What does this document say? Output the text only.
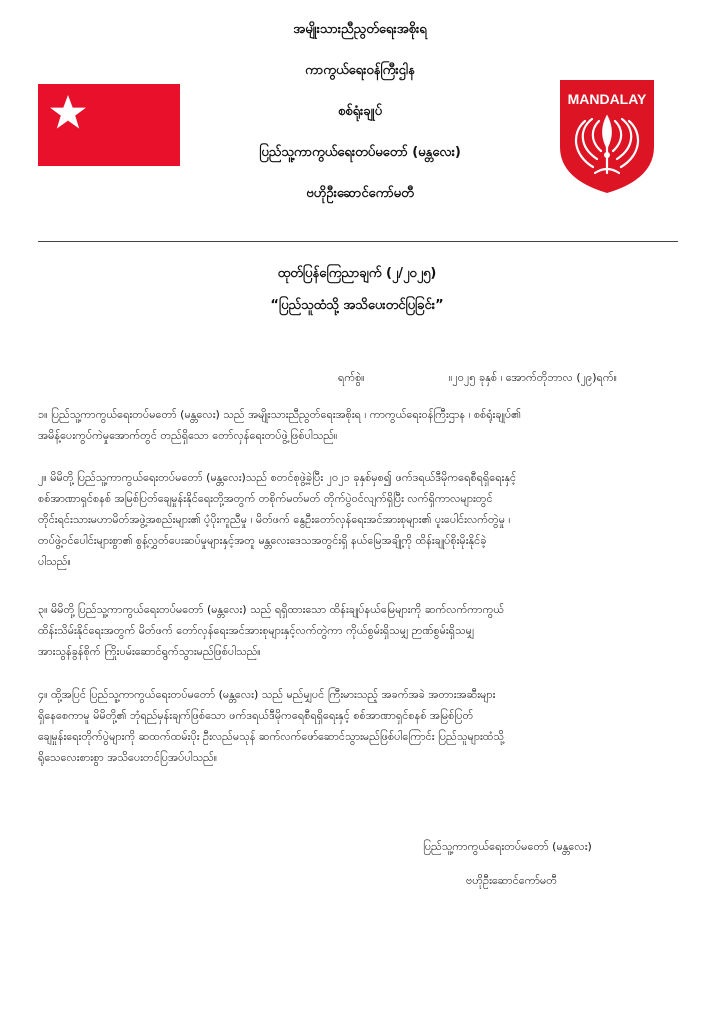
အမျိုးသားညီညွတ်ရေးအစိုးရ
ကာကွယ်ရေးဝန်ကြီးဌါန
စစ်ရုံးချုပ်
ပြည်သူ့ကာကွယ်ရေးတပ်မတော် (မန္တလေး)
ဗဟိုဦးဆောင်ကော်မတီ
MANDALAY
ထုတ်ပြန်ကြေညာချက် (၂/၂၀၂၅)
“ပြည်သူထံသို့ အသိပေးတင်ပြခြင်း”
ရက်စွဲ။	။၂၀၂၅ ခုနှစ် ၊ အောက်တိုဘာလ (၂၉)ရက်။
၁။ ပြည်သူ့ကာကွယ်ရေးတပ်မတော် (မန္တလေး) သည် အမျိုးသားညီညွတ်ရေးအစိုးရ ၊ ကာကွယ်ရေးဝန်ကြီးဌာန ၊ စစ်ရုံးချုပ်၏
အမိန့်ပေးကွပ်ကဲမှုအောက်တွင် တည်ရှိသော တော်လှန်ရေးတပ်ဖွဲ့ဖြစ်ပါသည်။
၂။ မိမိတို့ ပြည်သူ့ကာကွယ်ရေးတပ်မတော် (မန္တလေး)သည် စတင်စုဖွဲ့ခဲ့ပြီး ၂၀၂၁ ခုနှစ်မှစ၍ ဖက်ဒရယ်ဒီမိုကရေစီရရှိရေးနှင့်
စစ်အာဏာရှင်စနစ် အမြစ်ပြတ်ချေမှုန်းနိုင်ရေးတို့အတွက် တစိုက်မတ်မတ် တိုက်ပွဲဝင်လျက်ရှိပြီး လက်ရှိကာလများတွင်
တိုင်းရင်းသားမဟာမိတ်အဖွဲ့အစည်းများ၏ ပံ့ပိုးကူညီမှု ၊ မိတ်ဖက် နွေဦးတော်လှန်ရေးအင်အားစုများ၏ ပူးပေါင်းလက်တွဲမှု ၊
တပ်ဖွဲ့ဝင်ပေါင်းများစွာ၏ စွန့်လွှတ်ပေးဆပ်မှုများနှင့်အတူ မန္တလေးဒေသအတွင်းရှိ နယ်မြေအချို့ကို ထိန်းချုပ်စိုးမိုးနိုင်ခဲ့
ပါသည်။
၃။ မိမိတို့ ပြည်သူ့ကာကွယ်ရေးတပ်မတော် (မန္တလေး) သည် ရရှိထားသော ထိန်းချုပ်နယ်မြေများကို ဆက်လက်ကာကွယ်
ထိန်းသိမ်းနိုင်ရေးအတွက် မိတ်ဖက် တော်လှန်ရေးအင်အားစုများနှင့်လက်တွဲကာ ကိုယ်စွမ်းရှိသမျှ ဉာဏ်စွမ်းရှိသမျှ
အားသွန်ခွန်စိုက် ကြိုးပမ်းဆောင်ရွက်သွားမည်ဖြစ်ပါသည်။
၄။ ထို့အပြင် ပြည်သူ့ကာကွယ်ရေးတပ်မတော် (မန္တလေး) သည် မည်မျှပင် ကြီးမားသည့် အခက်အခဲ အတားအဆီးများ
ရှိနေစေကာမူ မိမိတို့၏ ဘုံရည်မှန်းချက်ဖြစ်သော ဖက်ဒရယ်ဒီမိုကရေစီရရှိရေးနှင့် စစ်အာဏာရှင်စနစ် အမြစ်ပြတ်
ချေမှုန်းရေးတိုက်ပွဲများကို ဆထက်ထမ်းပိုး ဦးလည်မသုန် ဆက်လက်ဖော်ဆောင်သွားမည်ဖြစ်ပါကြောင်း ပြည်သူများထံသို့
ရိုသေလေးစားစွာ အသိပေးတင်ပြအပ်ပါသည်။
ပြည်သူ့ကာကွယ်ရေးတပ်မတော် (မန္တလေး)
ဗဟိုဦးဆောင်ကော်မတီ
